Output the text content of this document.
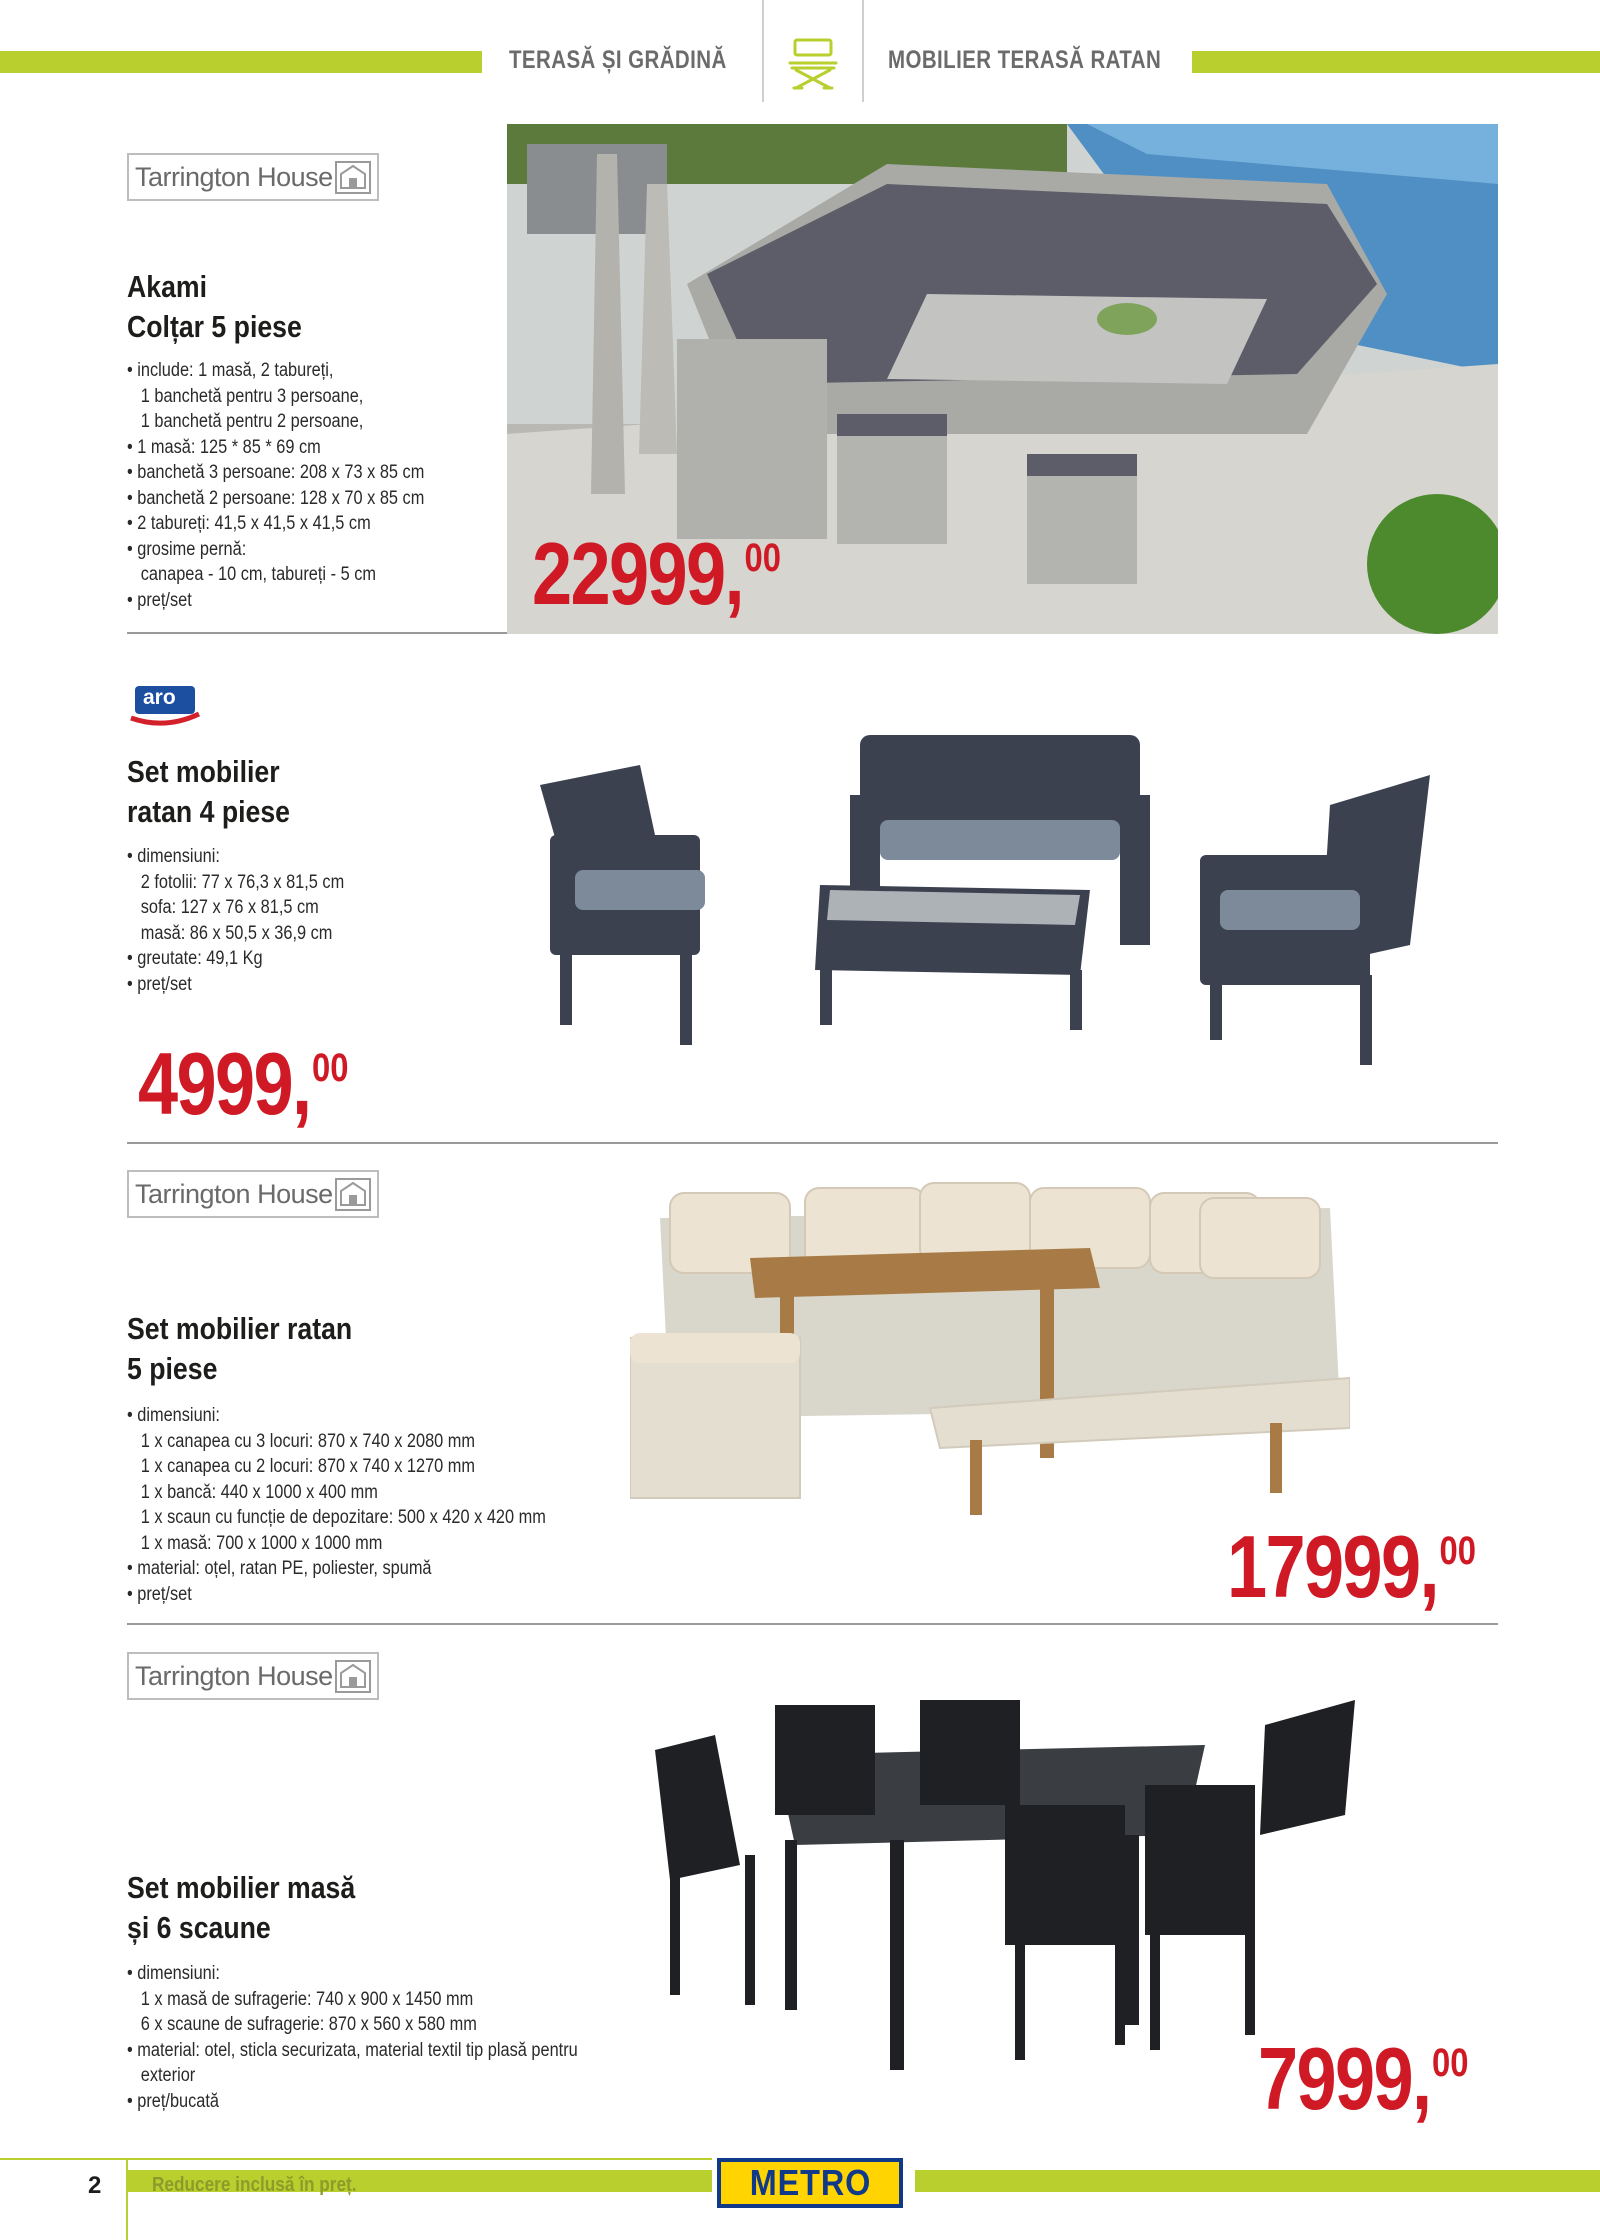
TERASĂ ȘI GRĂDINĂ	MOBILIER TERASĂ RATAN
Tarrington House
Akami
Colțar 5 piese
• include: 1 masă, 2 tabureți,
1 banchetă pentru 3 persoane,
1 banchetă pentru 2 persoane,
• 1 masă: 125 * 85 * 69 cm
• banchetă 3 persoane: 208 x 73 x 85 cm
• banchetă 2 persoane: 128 x 70 x 85 cm
• 2 tabureți: 41,5 x 41,5 x 41,5 cm
• grosime pernă:
canapea - 10 cm, tabureți - 5 cm
• preț/set	22999,00
aro
Set mobilier
ratan 4 piese
• dimensiuni:
2 fotolii: 77 x 76,3 x 81,5 cm
sofa: 127 x 76 x 81,5 cm
masă: 86 x 50,5 x 36,9 cm
• greutate: 49,1 Kg
• preț/set
4999,00
Tarrington House
Set mobilier ratan
5 piese
• dimensiuni:
1 x canapea cu 3 locuri: 870 x 740 x 2080 mm
1 x canapea cu 2 locuri: 870 x 740 x 1270 mm
1 x bancă: 440 x 1000 x 400 mm
1 x scaun cu funcție de depozitare: 500 x 420 x 420 mm
1 x masă: 700 x 1000 x 1000 mm
• material: oțel, ratan PE, poliester, spumă
• preț/set	17999,00
Tarrington House
Set mobilier masă
și 6 scaune
• dimensiuni:
1 x masă de sufragerie: 740 x 900 x 1450 mm
6 x scaune de sufragerie: 870 x 560 x 580 mm
• material: otel, sticla securizata, material textil tip plasă pentru
exterior
• preț/bucată	7999,00
2	Reducere inclusă în preț.	METRO
